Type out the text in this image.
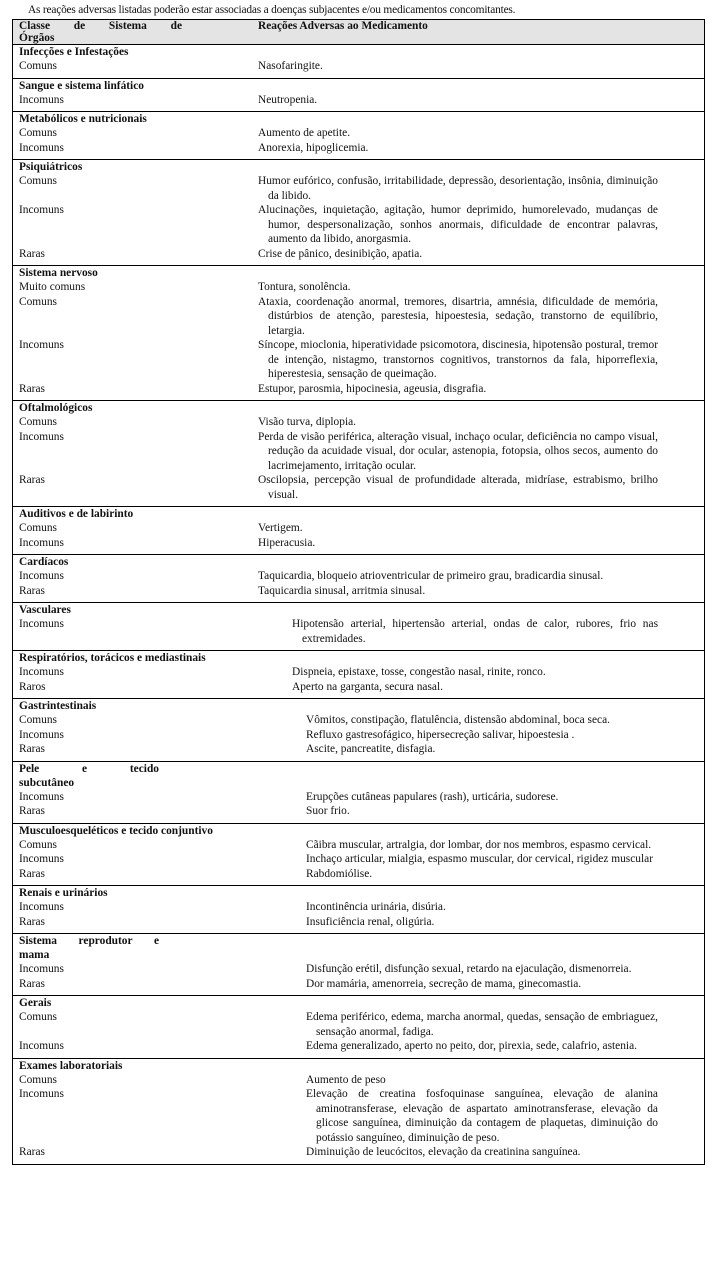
As reações adversas listadas poderão estar associadas a doenças subjacentes e/ou medicamentos concomitantes.
Classe de Sistema de
Órgãos
Reações Adversas ao Medicamento
Infecções e Infestações
Comuns	Nasofaringite.
Sangue e sistema linfático
Incomuns	Neutropenia.
Metabólicos e nutricionais
Comuns	Aumento de apetite.
Incomuns	Anorexia, hipoglicemia.
Psiquiátricos
Comuns	Humor eufórico, confusão, irritabilidade, depressão, desorientação, insônia, diminuição da libido.
Incomuns	Alucinações, inquietação, agitação, humor deprimido, humorelevado, mudanças de humor, despersonalização, sonhos anormais, dificuldade de encontrar palavras, aumento da libido, anorgasmia.
Raras	Crise de pânico, desinibição, apatia.
Sistema nervoso
Muito comuns	Tontura, sonolência.
Comuns	Ataxia, coordenação anormal, tremores, disartria, amnésia, dificuldade de memória, distúrbios de atenção, parestesia, hipoestesia, sedação, transtorno de equilíbrio, letargia.
Incomuns	Síncope, mioclonia, hiperatividade psicomotora, discinesia, hipotensão postural, tremor de intenção, nistagmo, transtornos cognitivos, transtornos da fala, hiporreflexia, hiperestesia, sensação de queimação.
Raras	Estupor, parosmia, hipocinesia, ageusia, disgrafia.
Oftalmológicos
Comuns	Visão turva, diplopia.
Incomuns	Perda de visão periférica, alteração visual, inchaço ocular, deficiência no campo visual, redução da acuidade visual, dor ocular, astenopia, fotopsia, olhos secos, aumento do lacrimejamento, irritação ocular.
Raras	Oscilopsia, percepção visual de profundidade alterada, midríase, estrabismo, brilho visual.
Auditivos e de labirinto
Comuns	Vertigem.
Incomuns	Hiperacusia.
Cardíacos
Incomuns	Taquicardia, bloqueio atrioventricular de primeiro grau, bradicardia sinusal.
Raras	Taquicardia sinusal, arritmia sinusal.
Vasculares
Incomuns	Hipotensão arterial, hipertensão arterial, ondas de calor, rubores, frio nas extremidades.
Respiratórios, torácicos e mediastinais
Incomuns	Dispneia, epistaxe, tosse, congestão nasal, rinite, ronco.
Raros	Aperto na garganta, secura nasal.
Gastrintestinais
Comuns	Vômitos, constipação, flatulência, distensão abdominal, boca seca.
Incomuns	Refluxo gastresofágico, hipersecreção salivar, hipoestesia .
Raras	Ascite, pancreatite, disfagia.
Pele e tecido
subcutâneo
Incomuns	Erupções cutâneas papulares (rash), urticária, sudorese.
Raras	Suor frio.
Musculoesqueléticos e tecido conjuntivo
Comuns	Cãibra muscular, artralgia, dor lombar, dor nos membros, espasmo cervical.
Incomuns	Inchaço articular, mialgia, espasmo muscular, dor cervical, rigidez muscular
Raras	Rabdomiólise.
Renais e urinários
Incomuns	Incontinência urinária, disúria.
Raras	Insuficiência renal, oligúria.
Sistema reprodutor e
mama
Incomuns	Disfunção erétil, disfunção sexual, retardo na ejaculação, dismenorreia.
Raras	Dor mamária, amenorreia, secreção de mama, ginecomastia.
Gerais
Comuns	Edema periférico, edema, marcha anormal, quedas, sensação de embriaguez, sensação anormal, fadiga.
Incomuns	Edema generalizado, aperto no peito, dor, pirexia, sede, calafrio, astenia.
Exames laboratoriais
Comuns	Aumento de peso
Incomuns	Elevação de creatina fosfoquinase sanguínea, elevação de alanina aminotransferase, elevação de aspartato aminotransferase, elevação da glicose sanguínea, diminuição da contagem de plaquetas, diminuição do potássio sanguíneo, diminuição de peso.
Raras	Diminuição de leucócitos, elevação da creatinina sanguínea.
